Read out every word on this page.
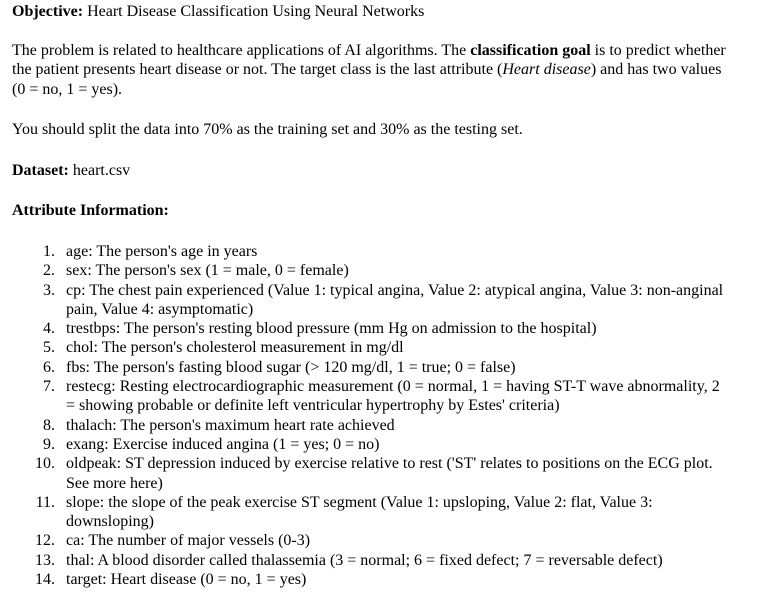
Objective: Heart Disease Classification Using Neural Networks
The problem is related to healthcare applications of AI algorithms. The classification goal is to predict whether the patient presents heart disease or not. The target class is the last attribute (Heart disease) and has two values (0 = no, 1 = yes).
You should split the data into 70% as the training set and 30% as the testing set.
Dataset: heart.csv
Attribute Information:
1. age: The person's age in years
2. sex: The person's sex (1 = male, 0 = female)
3. cp: The chest pain experienced (Value 1: typical angina, Value 2: atypical angina, Value 3: non-anginal pain, Value 4: asymptomatic)
4. trestbps: The person's resting blood pressure (mm Hg on admission to the hospital)
5. chol: The person's cholesterol measurement in mg/dl
6. fbs: The person's fasting blood sugar (> 120 mg/dl, 1 = true; 0 = false)
7. restecg: Resting electrocardiographic measurement (0 = normal, 1 = having ST-T wave abnormality, 2 = showing probable or definite left ventricular hypertrophy by Estes' criteria)
8. thalach: The person's maximum heart rate achieved
9. exang: Exercise induced angina (1 = yes; 0 = no)
10. oldpeak: ST depression induced by exercise relative to rest ('ST' relates to positions on the ECG plot. See more here)
11. slope: the slope of the peak exercise ST segment (Value 1: upsloping, Value 2: flat, Value 3: downsloping)
12. ca: The number of major vessels (0-3)
13. thal: A blood disorder called thalassemia (3 = normal; 6 = fixed defect; 7 = reversable defect)
14. target: Heart disease (0 = no, 1 = yes)
